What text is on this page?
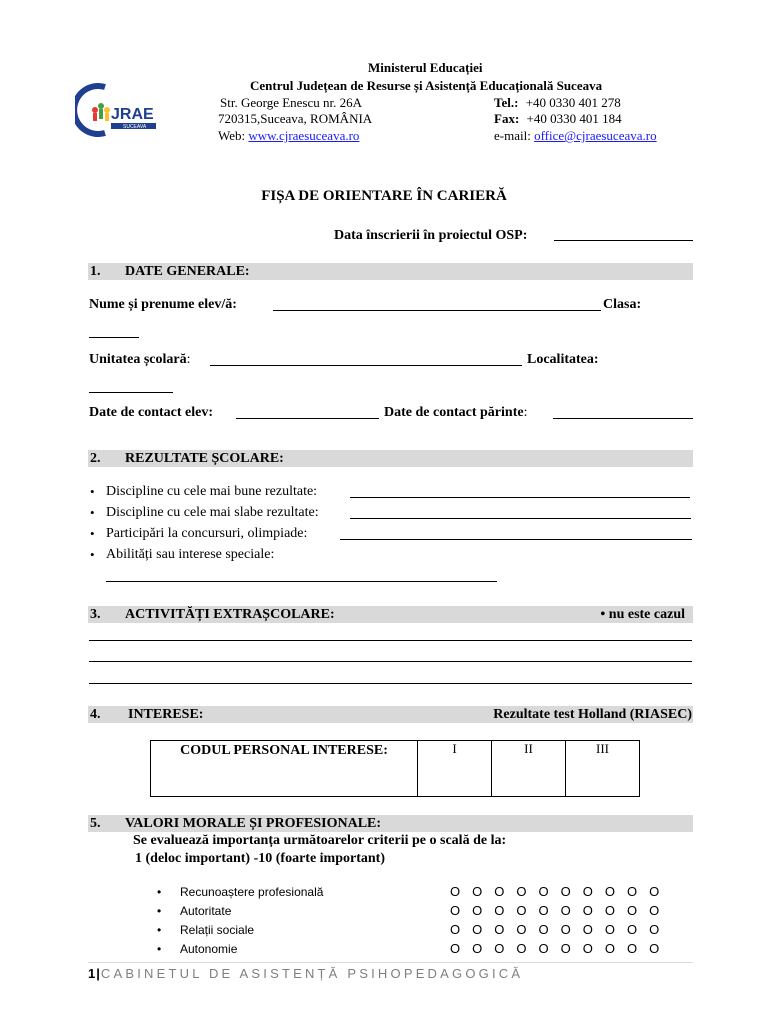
JRAE
SUCEAVA
Ministerul Educației
Centrul Județean de Resurse și Asistență Educațională Suceava
Str. George Enescu nr. 26A
720315,Suceava, ROMÂNIA
Web: www.cjraesuceava.ro
Tel.: +40 0330 401 278
Fax: +40 0330 401 184
e-mail: office@cjraesuceava.ro
FIȘA DE ORIENTARE ÎN CARIERĂ
Data înscrierii în proiectul OSP:
1. DATE GENERALE:
Nume și prenume elev/ă:	Clasa:
Unitatea școlară:	Localitatea:
Date de contact elev:	Date de contact părinte:
2. REZULTATE ȘCOLARE:
• Discipline cu cele mai bune rezultate:
• Discipline cu cele mai slabe rezultate:
• Participări la concursuri, olimpiade:
• Abilități sau interese speciale:
3. ACTIVITĂȚI EXTRAȘCOLARE:	• nu este cazul
4. INTERESE:	Rezultate test Holland (RIASEC)
CODUL PERSONAL INTERESE:	I	II	III
5. VALORI MORALE ȘI PROFESIONALE:
Se evaluează importanța următoarelor criterii pe o scală de la:
1 (deloc important) -10 (foarte important)
• Recunoaștere profesională	O O O O O O O O O O
• Autoritate	O O O O O O O O O O
• Relații sociale	O O O O O O O O O O
• Autonomie	O O O O O O O O O O
1|CABINETUL DE ASISTENȚĂ PSIHOPEDAGOGICĂ
